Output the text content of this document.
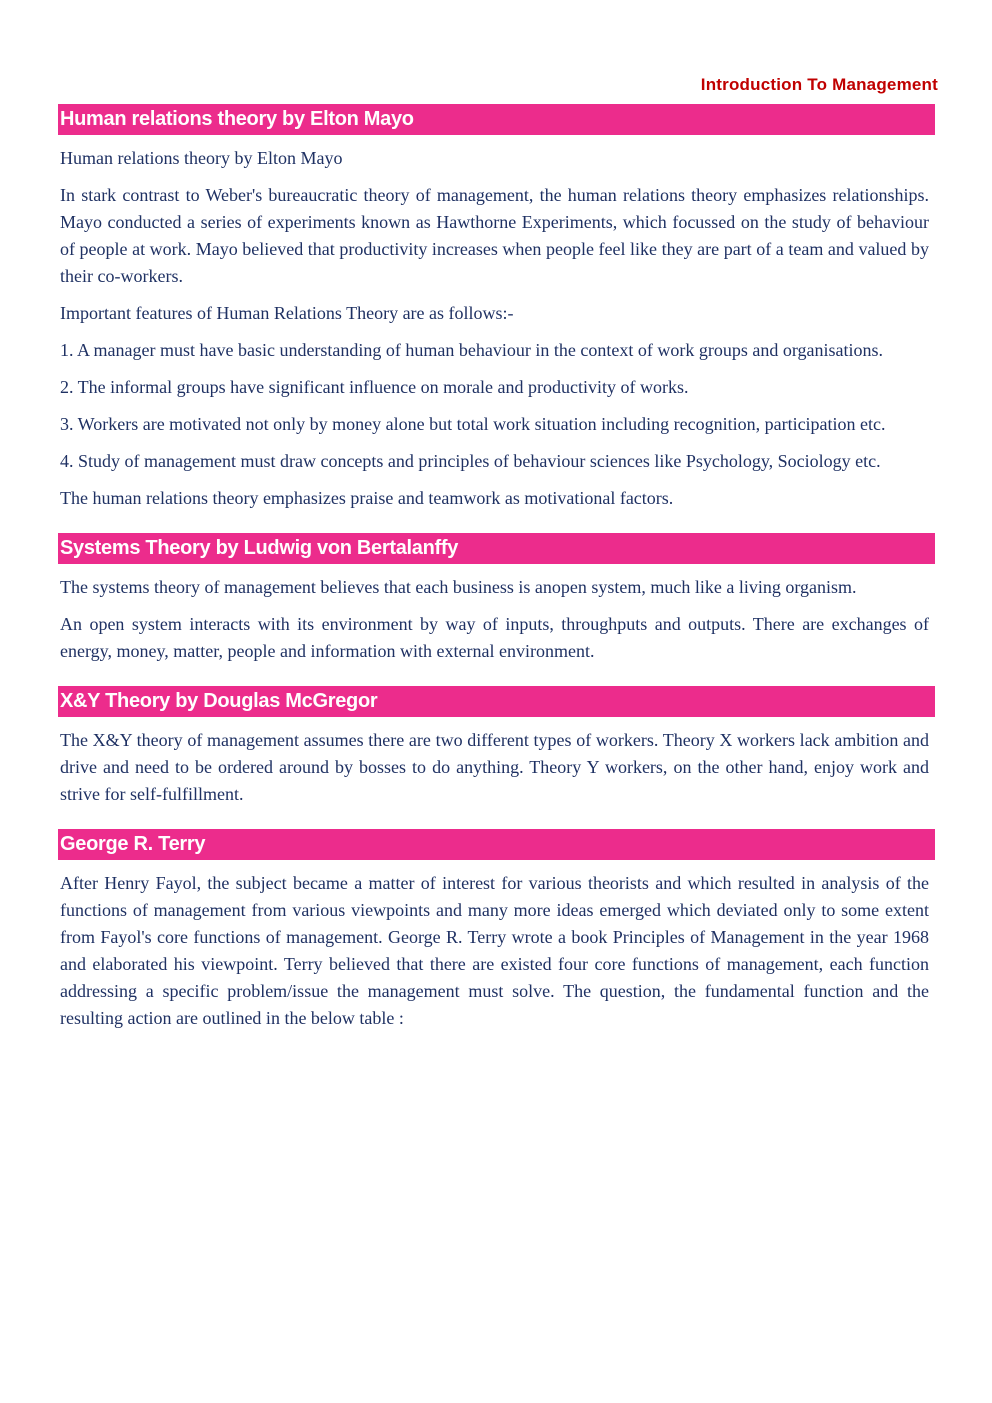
Introduction To Management
Human relations theory by Elton Mayo

Human relations theory by Elton Mayo

In stark contrast to Weber's bureaucratic theory of management, the human relations theory emphasizes relationships. Mayo conducted a series of experiments known as Hawthorne Experiments, which focussed on the study of behaviour of people at work. Mayo believed that productivity increases when people feel like they are part of a team and valued by their co-workers.

Important features of Human Relations Theory are as follows:-

1. A manager must have basic understanding of human behaviour in the context of work groups and organisations.

2. The informal groups have significant influence on morale and productivity of works.

3. Workers are motivated not only by money alone but total work situation including recognition, participation etc.

4. Study of management must draw concepts and principles of behaviour sciences like Psychology, Sociology etc.

The human relations theory emphasizes praise and teamwork as motivational factors.

Systems Theory by Ludwig von Bertalanffy

The systems theory of management believes that each business is anopen system, much like a living organism.

An open system interacts with its environment by way of inputs, throughputs and outputs. There are exchanges of energy, money, matter, people and information with external environment.

X&Y Theory by Douglas McGregor

The X&Y theory of management assumes there are two different types of workers. Theory X workers lack ambition and drive and need to be ordered around by bosses to do anything. Theory Y workers, on the other hand, enjoy work and strive for self-fulfillment.

George R. Terry

After Henry Fayol, the subject became a matter of interest for various theorists and which resulted in analysis of the functions of management from various viewpoints and many more ideas emerged which deviated only to some extent from Fayol's core functions of management. George R. Terry wrote a book Principles of Management in the year 1968 and elaborated his viewpoint. Terry believed that there are existed four core functions of management, each function addressing a specific problem/issue the management must solve. The question, the fundamental function and the resulting action are outlined in the below table :
